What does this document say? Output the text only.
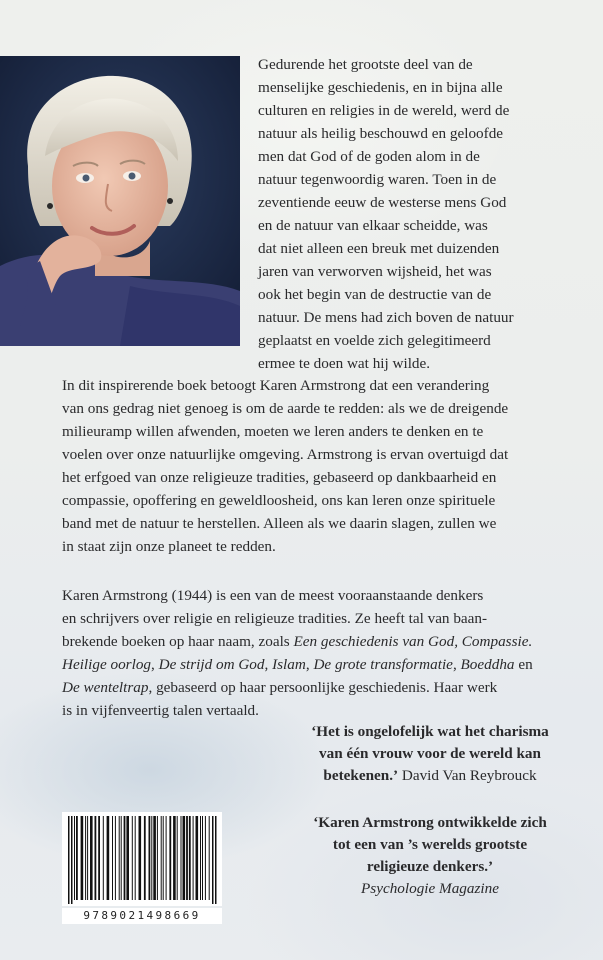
Gedurende het grootste deel van de
menselijke geschiedenis, en in bijna alle
culturen en religies in de wereld, werd de
natuur als heilig beschouwd en geloofde
men dat God of de goden alom in de
natuur tegenwoordig waren. Toen in de
zeventiende eeuw de westerse mens God
en de natuur van elkaar scheidde, was
dat niet alleen een breuk met duizenden
jaren van verworven wijsheid, het was
ook het begin van de destructie van de
natuur. De mens had zich boven de natuur
geplaatst en voelde zich gelegitimeerd
ermee te doen wat hij wilde.
In dit inspirerende boek betoogt Karen Armstrong dat een verandering
van ons gedrag niet genoeg is om de aarde te redden: als we de dreigende
milieuramp willen afwenden, moeten we leren anders te denken en te
voelen over onze natuurlijke omgeving. Armstrong is ervan overtuigd dat
het erfgoed van onze religieuze tradities, gebaseerd op dankbaarheid en
compassie, opoffering en geweldloosheid, ons kan leren onze spirituele
band met de natuur te herstellen. Alleen als we daarin slagen, zullen we
in staat zijn onze planeet te redden.
Karen Armstrong (1944) is een van de meest vooraanstaande denkers
en schrijvers over religie en religieuze tradities. Ze heeft tal van baan-
brekende boeken op haar naam, zoals Een geschiedenis van God, Compassie.
Heilige oorlog, De strijd om God, Islam, De grote transformatie, Boeddha en
De wenteltrap, gebaseerd op haar persoonlijke geschiedenis. Haar werk
is in vijfenveertig talen vertaald.
‘Het is ongelofelijk wat het charisma
van één vrouw voor de wereld kan
betekenen.’ David Van Reybrouck
‘Karen Armstrong ontwikkelde zich
tot een van ’s werelds grootste
religieuze denkers.’
Psychologie Magazine
9789021498669
